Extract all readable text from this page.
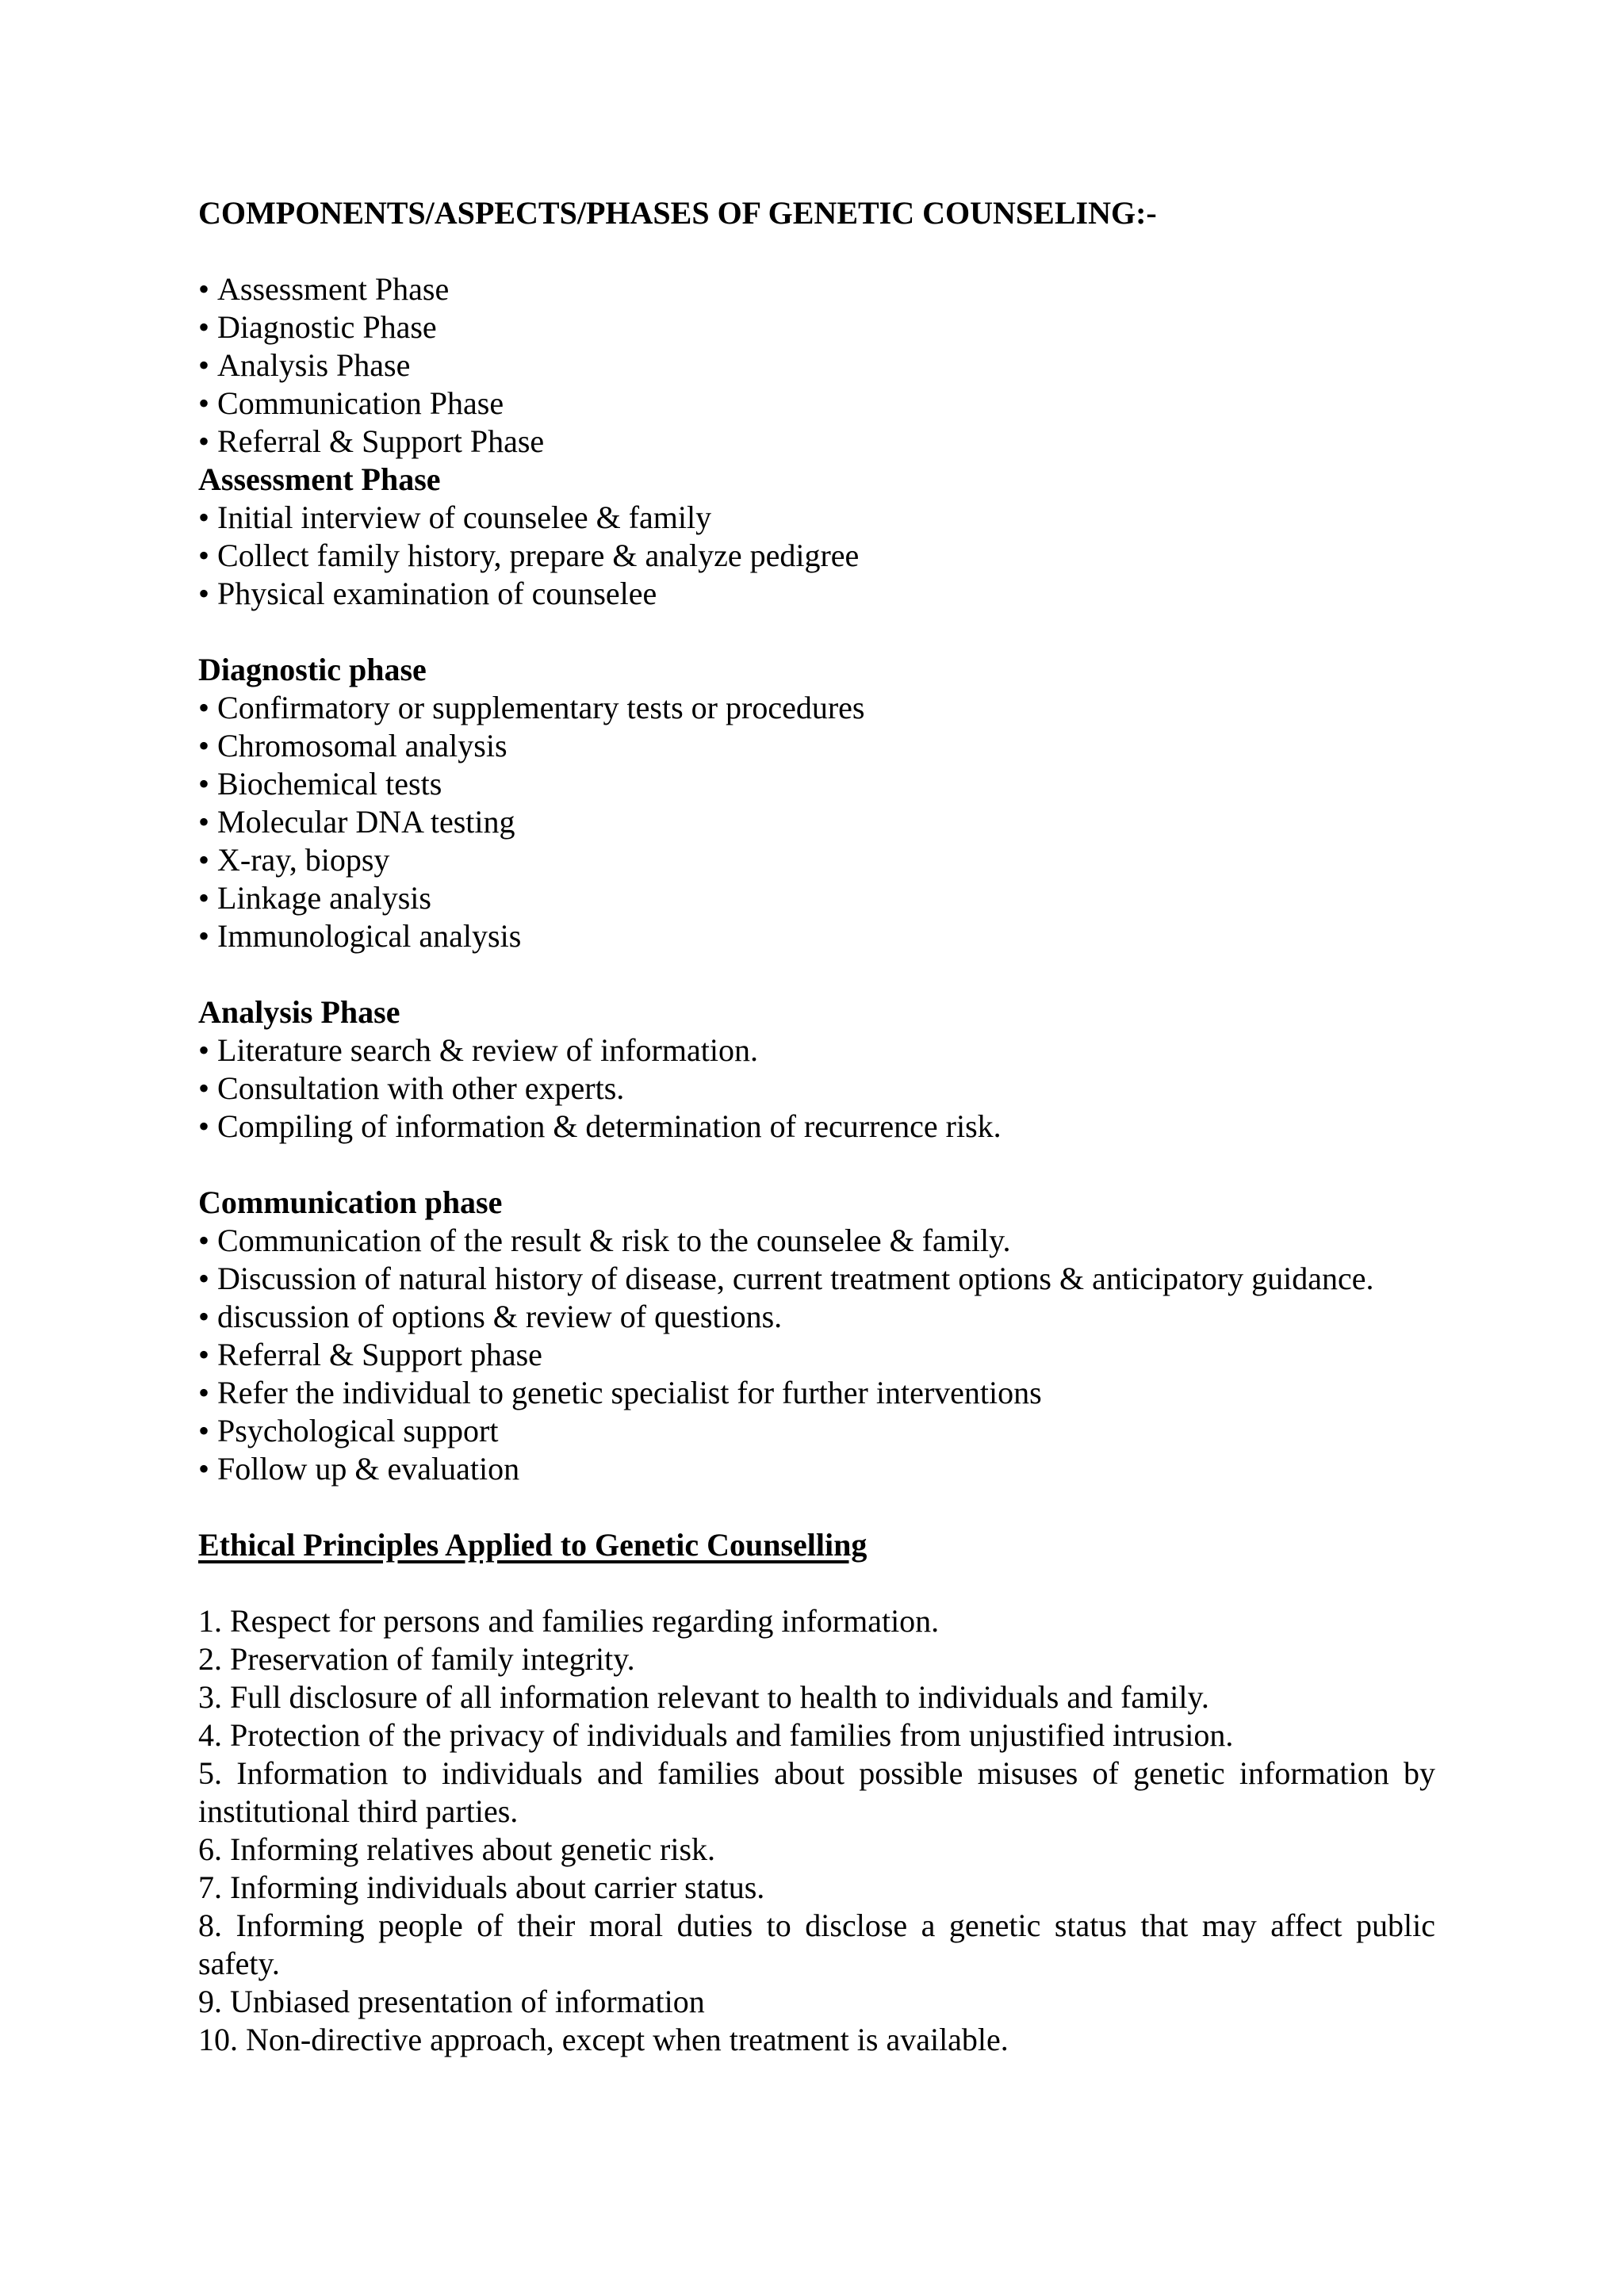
COMPONENTS/ASPECTS/PHASES OF GENETIC COUNSELING:-
• Assessment Phase
• Diagnostic Phase
• Analysis Phase
• Communication Phase
• Referral & Support Phase
Assessment Phase
• Initial interview of counselee & family
• Collect family history, prepare & analyze pedigree
• Physical examination of counselee
Diagnostic phase
• Confirmatory or supplementary tests or procedures
• Chromosomal analysis
• Biochemical tests
• Molecular DNA testing
• X-ray, biopsy
• Linkage analysis
• Immunological analysis
Analysis Phase
• Literature search & review of information.
• Consultation with other experts.
• Compiling of information & determination of recurrence risk.
Communication phase
• Communication of the result & risk to the counselee & family.
• Discussion of natural history of disease, current treatment options & anticipatory guidance.
• discussion of options & review of questions.
• Referral & Support phase
• Refer the individual to genetic specialist for further interventions
• Psychological support
• Follow up & evaluation
Ethical Principles Applied to Genetic Counselling
1. Respect for persons and families regarding information.
2. Preservation of family integrity.
3. Full disclosure of all information relevant to health to individuals and family.
4. Protection of the privacy of individuals and families from unjustified intrusion.
5. Information to individuals and families about possible misuses of genetic information by institutional third parties.
6. Informing relatives about genetic risk.
7. Informing individuals about carrier status.
8. Informing people of their moral duties to disclose a genetic status that may affect public safety.
9. Unbiased presentation of information
10. Non-directive approach, except when treatment is available.
